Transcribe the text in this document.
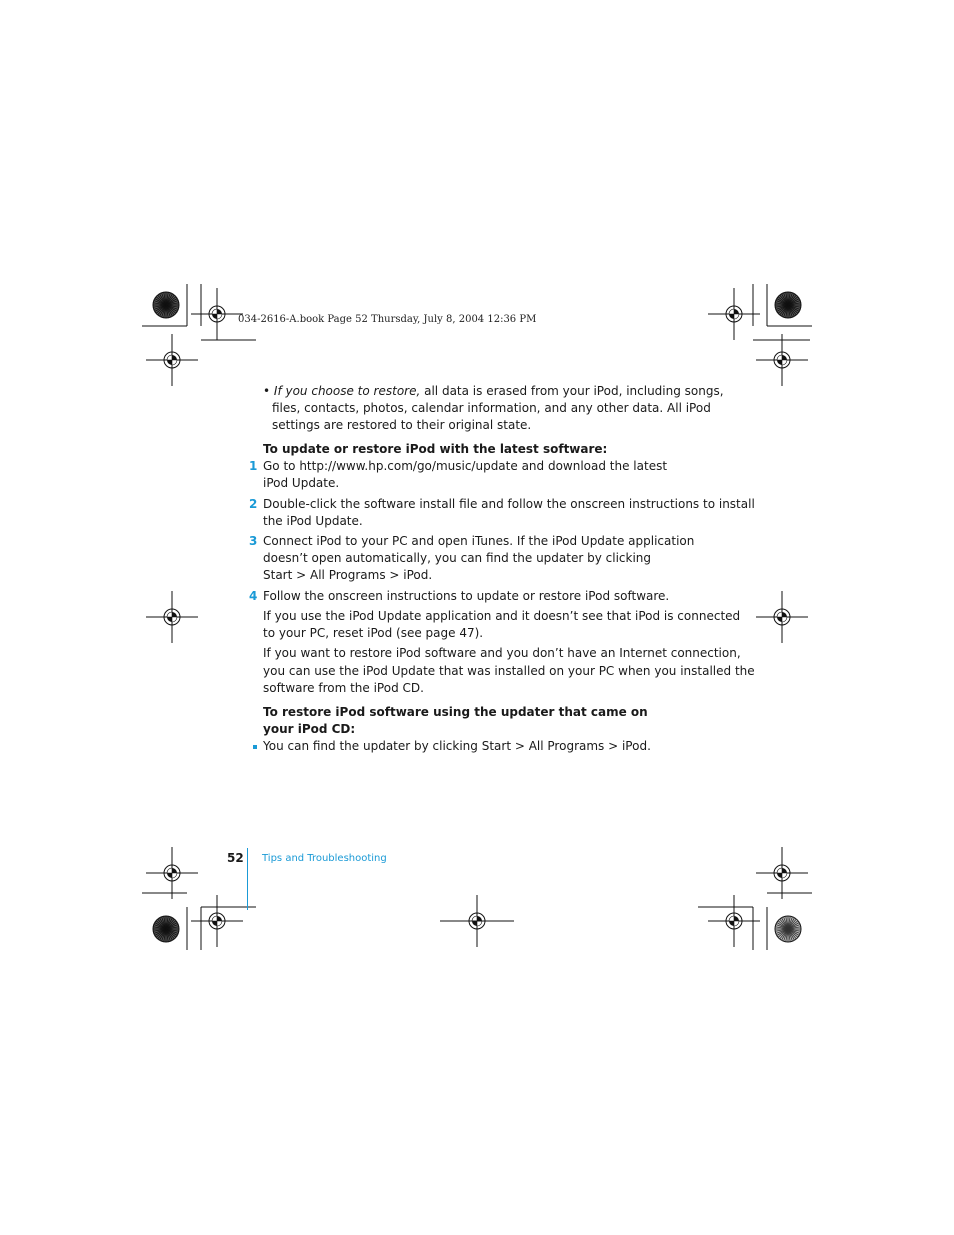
034-2616-A.book Page 52 Thursday, July 8, 2004 12:36 PM
• If you choose to restore, all data is erased from your iPod, including songs,
files, contacts, photos, calendar information, and any other data. All iPod
settings are restored to their original state.
To update or restore iPod with the latest software:
1 Go to http://www.hp.com/go/music/update and download the latest
iPod Update.
2 Double-click the software install file and follow the onscreen instructions to install
the iPod Update.
3 Connect iPod to your PC and open iTunes. If the iPod Update application
doesn’t open automatically, you can find the updater by clicking
Start > All Programs > iPod.
4 Follow the onscreen instructions to update or restore iPod software.
If you use the iPod Update application and it doesn’t see that iPod is connected
to your PC, reset iPod (see page 47).
If you want to restore iPod software and you don’t have an Internet connection,
you can use the iPod Update that was installed on your PC when you installed the
software from the iPod CD.
To restore iPod software using the updater that came on
your iPod CD:
You can find the updater by clicking Start > All Programs > iPod.
52 Tips and Troubleshooting
